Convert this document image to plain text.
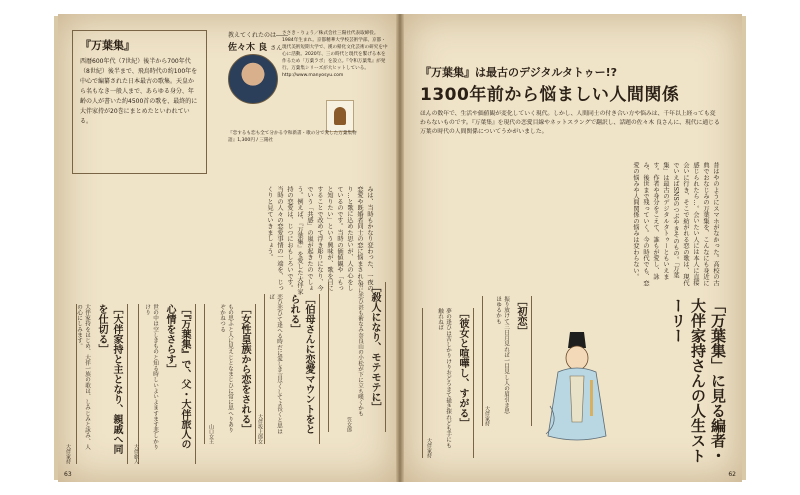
『万葉集』
西暦600年代（7世紀）後半から700年代（8世紀）後半まで、飛鳥時代の約100年を中心で編纂された日本最古の歌集。天皇から名もなき一般人まで、あらゆる身分、年齢の人が書いた約4500首の歌を、最終的に大伴家持が20巻にまとめたといわれている。
教えてくれたのは――
佐々木 良 さん
ささき・りょう／株式会社三陽社代表取締役。1984年生まれ。京都精華大学校芸術学部、京都・現代美術短期大学で、漢の帰化文化芸術の研究を中心に活動。2020年、三の時代と現代を繋げる本を作るため「万葉ラボ」を設立。『令和万葉集』が発行。万葉集シリーズが大ヒットしている。http://www.manyosyu.com
『恋するも恋も全て分かる令和新書・歌の分で愛した万葉集物語』1,300円 / 三陽社
みは、当時もかなり変わった、一夜の恋愛や既婚者同士の恋に悩まされたり…と歌に込めた思いが、人の心をしているのです。当時の価値観や「もっと知りたい」という興味が、歌を目にすることで改めて浮き彫りになり、今でいう「共感」の嵐が起きたのでしょう。例えば、『万葉集』を愛した大伴家持の恋愛は、じつにおもしろいです。当時の人々の恋愛事情の一端を、じっくりと見ていきましょう。
［大伴家持と主となり、親戚へ同を仕切る］
大伴家持をはじめ、大伴一族の歌は、しみじみと詠み、人の心にしみます。
大伴家持
［『万葉集』で、父・大伴旅人の心情をさらす］
世の中は空しきものと知る時しいよいよますます悲しかりけり
大伴旅人
［女性皇族から恋をされる］
もの思ふと人に見えじとなまじひに常に思へりありぞかねつる
山口女王	［伯母さんに恋愛マウントをとられる］
恋ひ恋ひて逢へる時だに愛しき言尽くしてよ長くと思はば
大伴坂上郎女
［殺人になり、モテモテに］
君に恋ひ甚も術なみ奈良山の小松が下に立ち嘆くかも
笠女郎
63
『万葉集』は最古のデジタルタトゥー!?
1300年前から悩ましい人間関係
ほんの数年で、生活や価値観が変化していく現代。しかし、人間同士の付き合い方や悩みは、千年以上経っても変わらないものです。『万葉集』を現代の恋愛目線やネットスラングで翻訳し、話題の佐々木 良さんに、現代に通じる万葉の時代の人間関係についてうかがいました。
昔はやのようにスマホがなかった。高校の古典でおなじみの万葉集を、こんなにも身近に感じられたら…。会いたい人には本人に直接会いに行き、そこで紡がれる恋の歌は、現代でいえばSNSのつぶやきそのもの。「万葉集」は最古のデジタルタトゥーともいえます。作者や身分をこえて、誰もが愛し、詠み、後世まで残っていく。今の時代でも、恋愛の悩みや人間関係の悩みは変わらない。
［彼女と喧嘩し、すがる］
夢の逢ひは苦しかりけりおどろきて掻き探れども手にも触れねば
大伴家持
［初恋］
振り放けて三日月見れば一目見し人の眉引き思ほゆるかも
大伴家持	「万葉集」に見る編者・大伴家持さんの人生ストーリー
62
